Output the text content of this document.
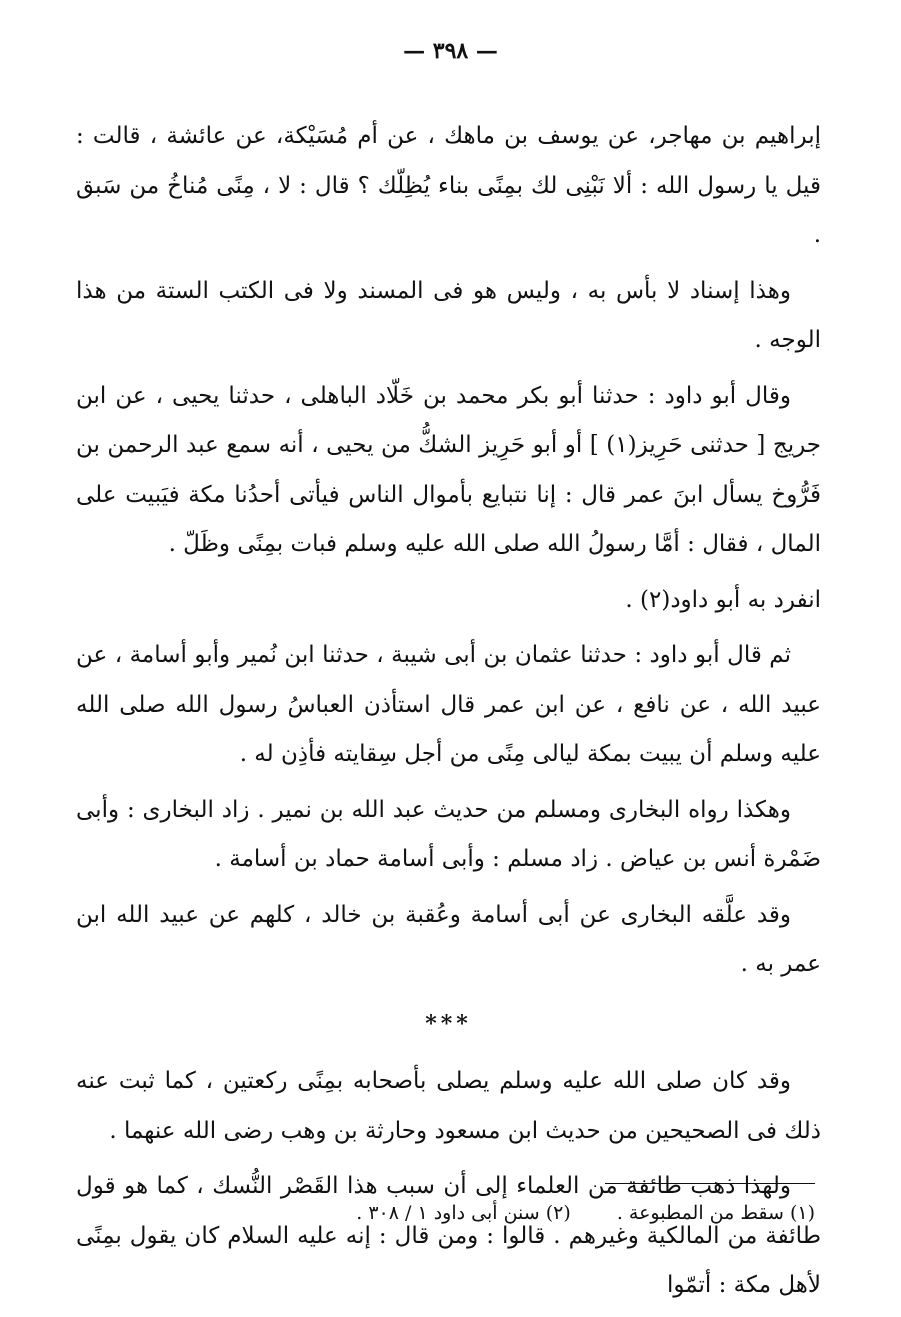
— ٣٩٨ —

إبراهيم بن مهاجر، عن يوسف بن ماهك ، عن أم مُسَيْكة، عن عائشة ، قالت : قيل يا رسول الله : ألا نَبْنِى لك بمِنًى بناء يُظِلّك ؟ قال : لا ، مِنًى مُناخُ من سَبق .

وهذا إسناد لا بأس به ، وليس هو فى المسند ولا فى الكتب الستة من هذا الوجه .

وقال أبو داود : حدثنا أبو بكر محمد بن خَلّاد الباهلى ، حدثنا يحيى ، عن ابن جريج [ حدثنى حَرِيز(١) ] أو أبو حَرِيز الشكُّ من يحيى ، أنه سمع عبد الرحمن بن فَرُّوخ يسأل ابنَ عمر قال : إنا نتبايع بأموال الناس فيأتى أحدُنا مكة فيَبيت على المال ، فقال : أمَّا رسولُ الله صلى الله عليه وسلم فبات بمِنًى وظَلّ .

انفرد به أبو داود(٢) .

ثم قال أبو داود : حدثنا عثمان بن أبى شيبة ، حدثنا ابن نُمير وأبو أسامة ، عن عبيد الله ، عن نافع ، عن ابن عمر قال استأذن العباسُ رسول الله صلى الله عليه وسلم أن يبيت بمكة ليالى مِنًى من أجل سِقايته فأذِن له .

وهكذا رواه البخارى ومسلم من حديث عبد الله بن نمير . زاد البخارى : وأبى ضَمْرة أنس بن عياض . زاد مسلم : وأبى أسامة حماد بن أسامة .

وقد علَّقه البخارى عن أبى أسامة وعُقبة بن خالد ، كلهم عن عبيد الله ابن عمر به .

***

وقد كان صلى الله عليه وسلم يصلى بأصحابه بمِنًى ركعتين ، كما ثبت عنه ذلك فى الصحيحين من حديث ابن مسعود وحارثة بن وهب رضى الله عنهما .

ولهذا ذهب طائفة من العلماء إلى أن سبب هذا القَصْر النُّسك ، كما هو قول طائفة من المالكية وغيرهم . قالوا : ومن قال : إنه عليه السلام كان يقول بمِنًى لأهل مكة : أتمّوا

(١) سقط من المطبوعة . (٢) سنن أبى داود ١ / ٣٠٨ .
